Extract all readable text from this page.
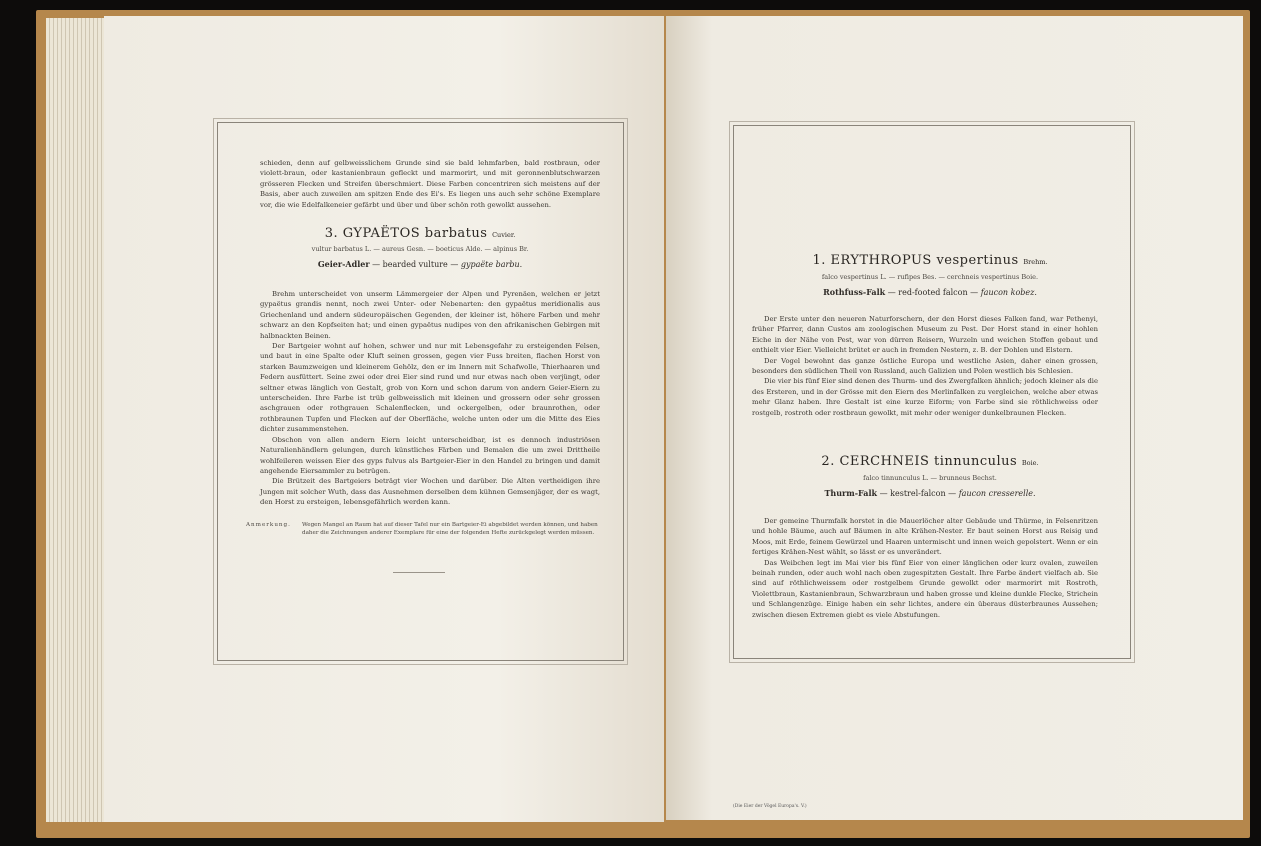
schieden, denn auf gelbweisslichem Grunde sind sie bald lehmfarben, bald rostbraun, oder violett-braun, oder kastanienbraun gefleckt und marmorirt, und mit geronnenblutschwarzen grösseren Flecken und Streifen überschmiert. Diese Farben concentriren sich meistens auf der Basis, aber auch zuweilen am spitzen Ende des Ei's. Es liegen uns auch sehr schöne Exemplare vor, die wie Edelfalkeneier gefärbt und über und über schön roth gewolkt aussehen.

3. GYPAËTOS barbatus Cuvier.
vultur barbatus L. — aureus Gesn. — boeticus Alde. — alpinus Br.
Geier-Adler — bearded vulture — gypaëte barbu.

Brehm unterscheidet von unserm Lämmergeier der Alpen und Pyrenäen, welchen er jetzt gypaëtus grandis nennt, noch zwei Unter- oder Nebenarten: den gypaëtus meridionalis aus Griechenland und andern südeuropäischen Gegenden, der kleiner ist, höhere Farben und mehr schwarz an den Kopfseiten hat; und einen gypaëtus nudipes von den afrikanischen Gebirgen mit halbnackten Beinen.

Der Bartgeier wohnt auf hohen, schwer und nur mit Lebensgefahr zu ersteigenden Felsen, und baut in eine Spalte oder Kluft seinen grossen, gegen vier Fuss breiten, flachen Horst von starken Baumzweigen und kleinerem Gehölz, den er im Innern mit Schafwolle, Thierhaaren und Federn ausfüttert. Seine zwei oder drei Eier sind rund und nur etwas nach oben verjüngt, oder seltner etwas länglich von Gestalt, grob von Korn und schon darum von andern Geier-Eiern zu unterscheiden. Ihre Farbe ist trüb gelbweisslich mit kleinen und grossern oder sehr grossen aschgrauen oder rothgrauen Schalenflecken, und ockergelben, oder braunrothen, oder rothbraunen Tupfen und Flecken auf der Oberfläche, welche unten oder um die Mitte des Eies dichter zusammenstehen.

Obschon von allen andern Eiern leicht unterscheidbar, ist es dennoch industriösen Naturalienhändlern gelungen, durch künstliches Färben und Bemalen die um zwei Drittheile wohlfeileren weissen Eier des gyps fulvus als Bartgeier-Eier in den Handel zu bringen und damit angehende Eiersammler zu betrügen.

Die Brützeit des Bartgeiers beträgt vier Wochen und darüber. Die Alten vertheidigen ihre Jungen mit solcher Wuth, dass das Ausnehmen derselben dem kühnen Gemsenjäger, der es wagt, den Horst zu ersteigen, lebensgefährlich werden kann.

Anmerkung.	Wegen Mangel an Raum hat auf dieser Tafel nur ein Bartgeier-Ei abgebildet werden können, und haben daher die Zeichnungen anderer Exemplare für eine der folgenden Hefte zurückgelegt werden müssen.
1. ERYTHROPUS vespertinus Brehm.
falco vespertinus L. — rufipes Bes. — cerchneis vespertinus Boie.
Rothfuss-Falk — red-footed falcon — faucon kobez.

Der Erste unter den neueren Naturforschern, der den Horst dieses Falken fand, war Pethenyi, früher Pfarrer, dann Custos am zoologischen Museum zu Pest. Der Horst stand in einer hohlen Eiche in der Nähe von Pest, war von dürren Reisern, Wurzeln und weichen Stoffen gebaut und enthielt vier Eier. Vielleicht brütet er auch in fremden Nestern, z. B. der Dohlen und Elstern.

Der Vogel bewohnt das ganze östliche Europa und westliche Asien, daher einen grossen, besonders den südlichen Theil von Russland, auch Galizien und Polen westlich bis Schlesien.

Die vier bis fünf Eier sind denen des Thurm- und des Zwergfalken ähnlich; jedoch kleiner als die des Ersteren, und in der Grösse mit den Eiern des Merlinfalken zu vergleichen, welche aber etwas mehr Glanz haben. Ihre Gestalt ist eine kurze Eiform; von Farbe sind sie röthlichweiss oder rostgelb, rostroth oder rostbraun gewolkt, mit mehr oder weniger dunkelbraunen Flecken.

2. CERCHNEIS tinnunculus Boie.
falco tinnunculus L. — brunneus Bechst.
Thurm-Falk — kestrel-falcon — faucon cresserelle.

Der gemeine Thurmfalk horstet in die Mauerlöcher alter Gebäude und Thürme, in Felsenritzen und hohle Bäume, auch auf Bäumen in alte Krähen-Nester. Er baut seinen Horst aus Reisig und Moos, mit Erde, feinem Gewürzel und Haaren untermischt und innen weich gepolstert. Wenn er ein fertiges Krähen-Nest wählt, so lässt er es unverändert.

Das Weibchen legt im Mai vier bis fünf Eier von einer länglichen oder kurz ovalen, zuweilen beinah runden, oder auch wohl nach oben zugespitzten Gestalt. Ihre Farbe ändert vielfach ab. Sie sind auf röthlichweissem oder rostgelbem Grunde gewolkt oder marmorirt mit Rostroth, Violettbraun, Kastanienbraun, Schwarzbraun und haben grosse und kleine dunkle Flecke, Strichein und Schlangenzüge. Einige haben ein sehr lichtes, andere ein überaus düsterbraunes Aussehen; zwischen diesen Extremen giebt es viele Abstufungen.

(Die Eier der Vögel Europa's. V.)
